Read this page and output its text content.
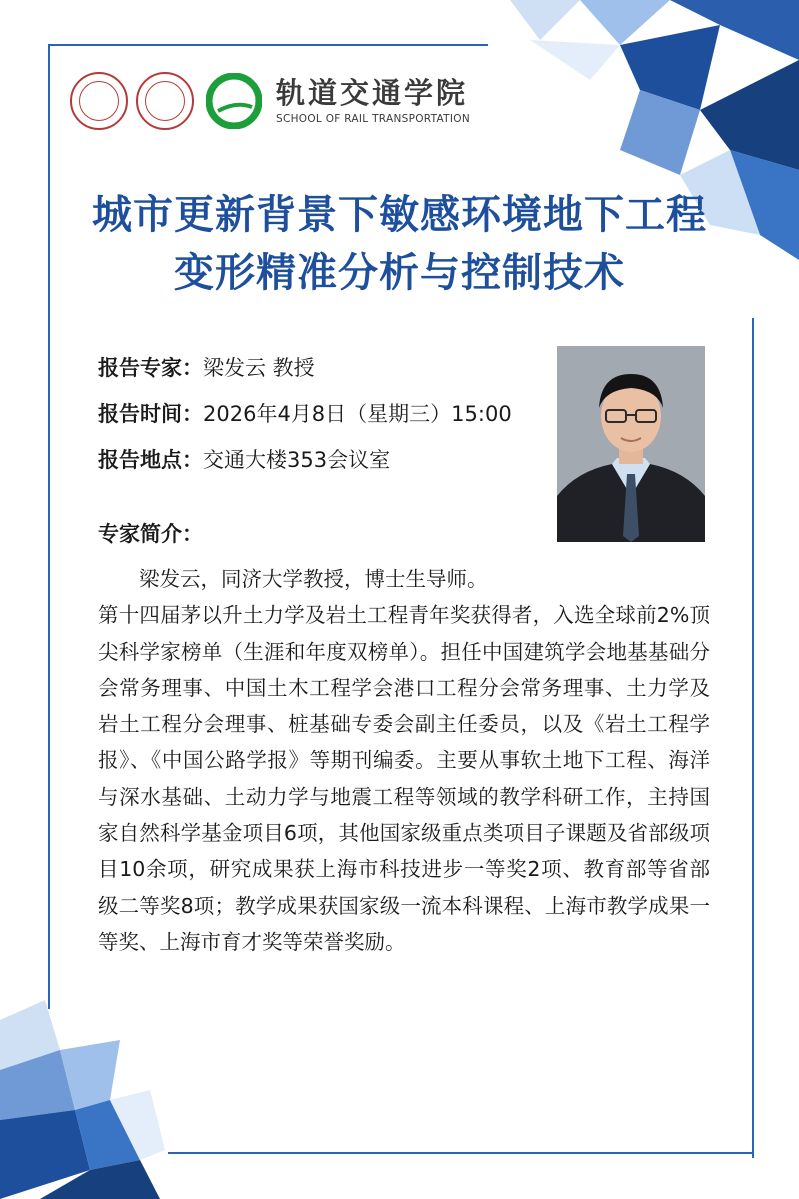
轨道交通学院
SCHOOL OF RAIL TRANSPORTATION
城市更新背景下敏感环境地下工程
变形精准分析与控制技术
报告专家：梁发云 教授
报告时间：2026年4月8日（星期三）15:00
报告地点：交通大楼353会议室
专家简介：
梁发云，同济大学教授，博士生导师。
第十四届茅以升土力学及岩土工程青年奖获得者，入选全球前2%顶尖科学家榜单（生涯和年度双榜单）。担任中国建筑学会地基基础分会常务理事、中国土木工程学会港口工程分会常务理事、土力学及岩土工程分会理事、桩基础专委会副主任委员，以及《岩土工程学报》、《中国公路学报》等期刊编委。主要从事软土地下工程、海洋与深水基础、土动力学与地震工程等领域的教学科研工作，主持国家自然科学基金项目6项，其他国家级重点类项目子课题及省部级项目10余项，研究成果获上海市科技进步一等奖2项、教育部等省部级二等奖8项；教学成果获国家级一流本科课程、上海市教学成果一等奖、上海市育才奖等荣誉奖励。
